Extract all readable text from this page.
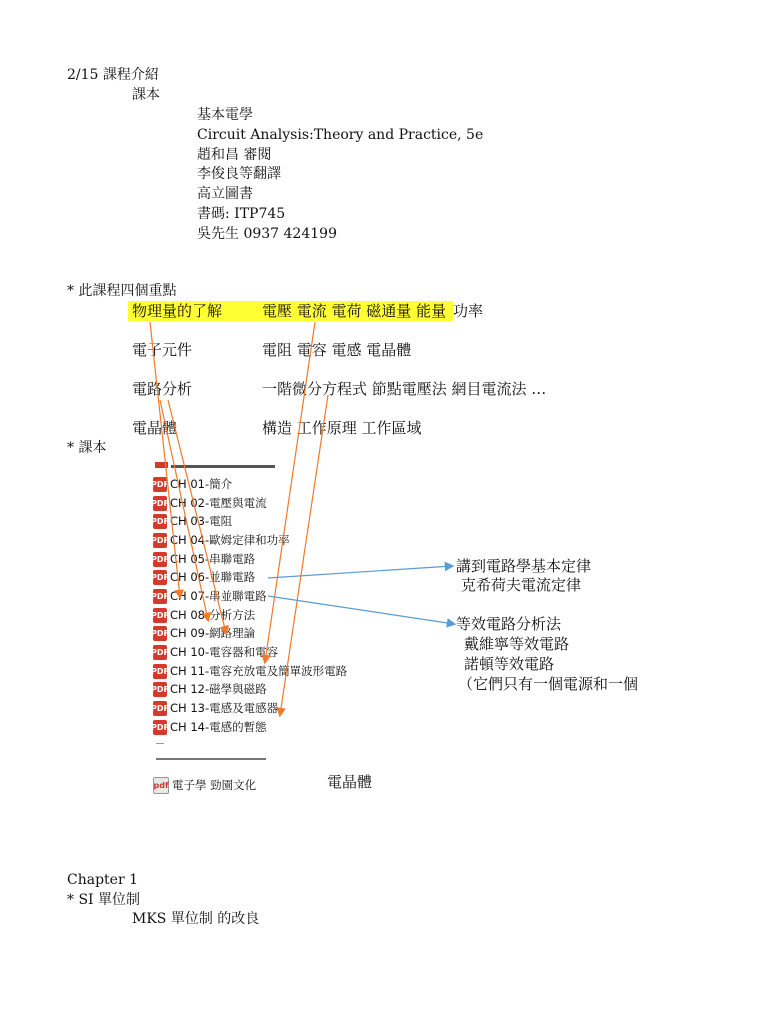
2/15 課程介紹
課本
基本電學
Circuit Analysis:Theory and Practice, 5e
趙和昌 審閱
李俊良等翻譯
高立圖書
書碼: ITP745
吳先生 0937 424199
* 此課程四個重點
物理量的了解	電壓 電流 電荷 磁通量 能量 功率
電子元件	電阻 電容 電感 電晶體
電路分析	一階微分方程式 節點電壓法 網目電流法 …
電晶體	構造 工作原理 工作區域
* 課本
PDF CH 01-簡介
PDF CH 02-電壓與電流
PDF CH 03-電阻
PDF CH 04-歐姆定律和功率
PDF CH 05-串聯電路
PDF CH 06-並聯電路
PDF CH 07-串並聯電路
PDF CH 08-分析方法
PDF CH 09-網路理論
PDF CH 10-電容器和電容
PDF CH 11-電容充放電及簡單波形電路
PDF CH 12-磁學與磁路
PDF CH 13-電感及電感器
PDF CH 14-電感的暫態
pdf 電子學 勁園文化	電晶體
講到電路學基本定律
克希荷夫電流定律
等效電路分析法
戴維寧等效電路
諾頓等效電路
（它們只有一個電源和一個
Chapter 1
* SI 單位制
MKS 單位制 的改良
